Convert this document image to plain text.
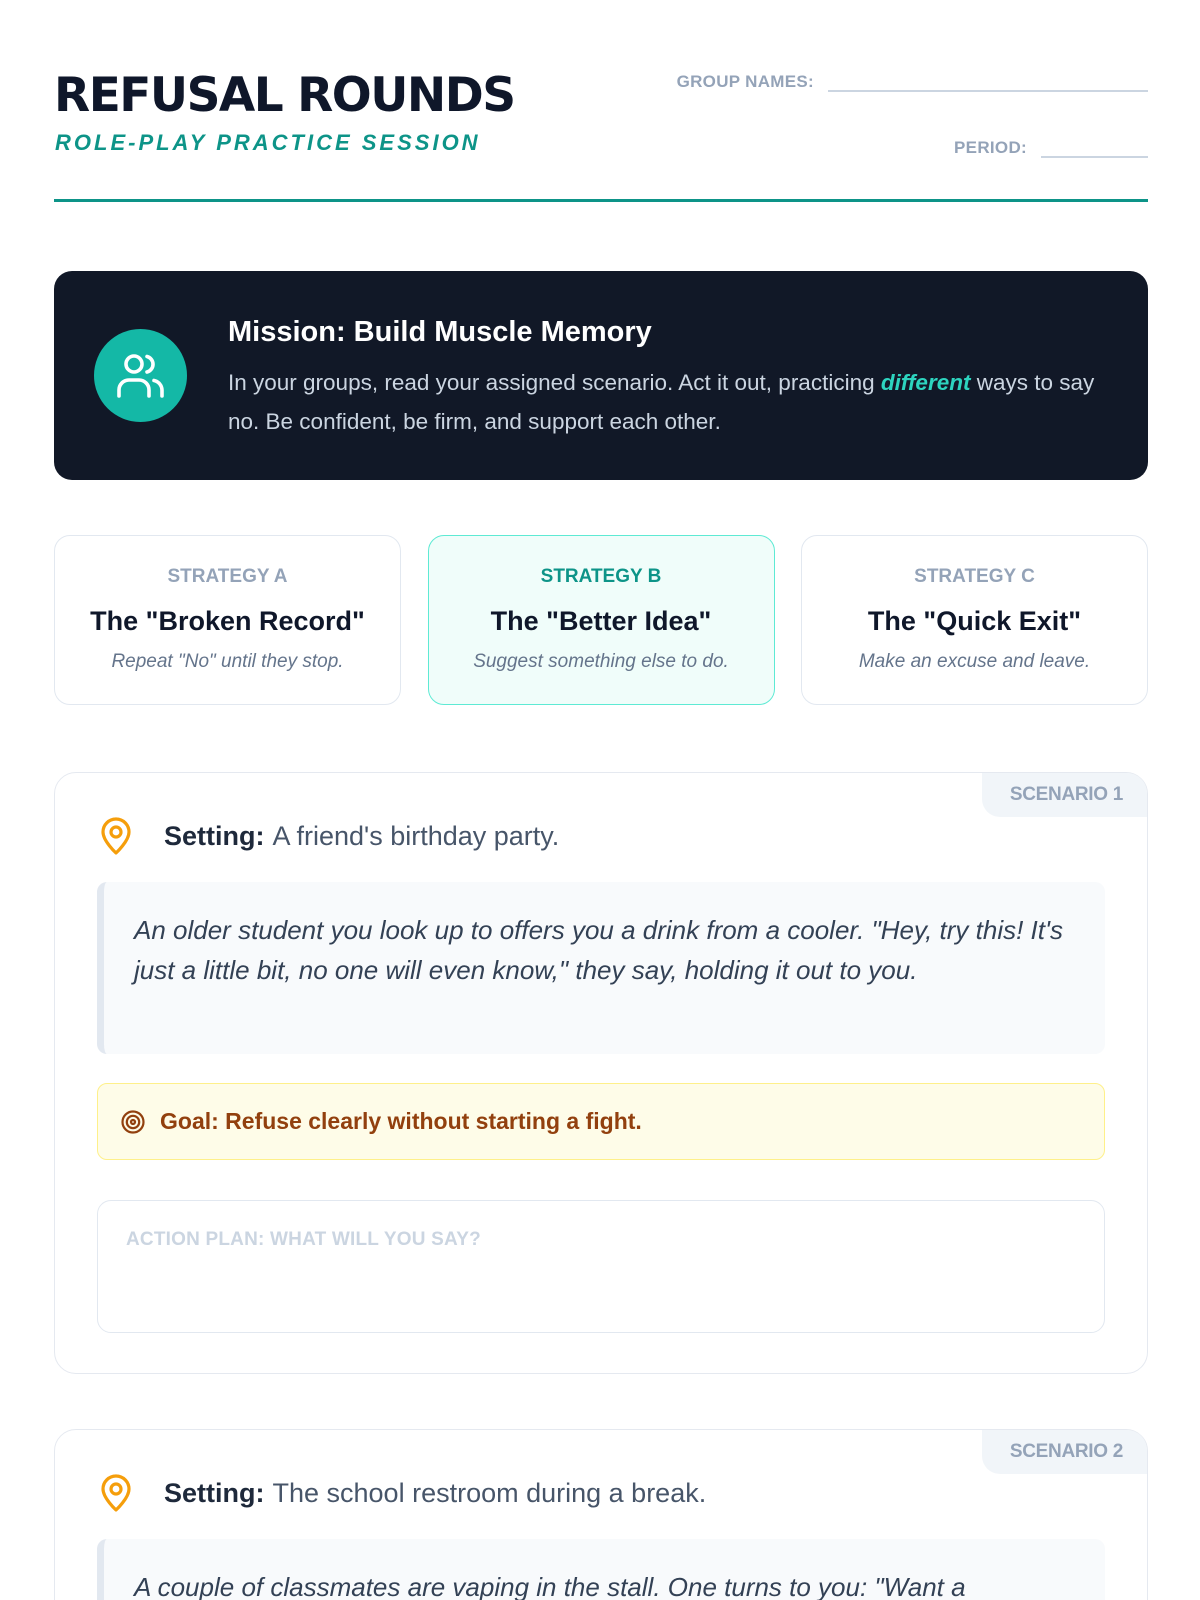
REFUSAL ROUNDS
ROLE-PLAY PRACTICE SESSION
GROUP NAMES:
PERIOD:
Mission: Build Muscle Memory
In your groups, read your assigned scenario. Act it out, practicing different ways to say no. Be confident, be firm, and support each other.
STRATEGY A
The "Broken Record"
Repeat "No" until they stop.
STRATEGY B
The "Better Idea"
Suggest something else to do.
STRATEGY C
The "Quick Exit"
Make an excuse and leave.
SCENARIO 1
Setting: A friend's birthday party.
An older student you look up to offers you a drink from a cooler. "Hey, try this! It's just a little bit, no one will even know," they say, holding it out to you.
Goal: Refuse clearly without starting a fight.
ACTION PLAN: WHAT WILL YOU SAY?
SCENARIO 2
Setting: The school restroom during a break.
A couple of classmates are vaping in the stall. One turns to you: "Want a
